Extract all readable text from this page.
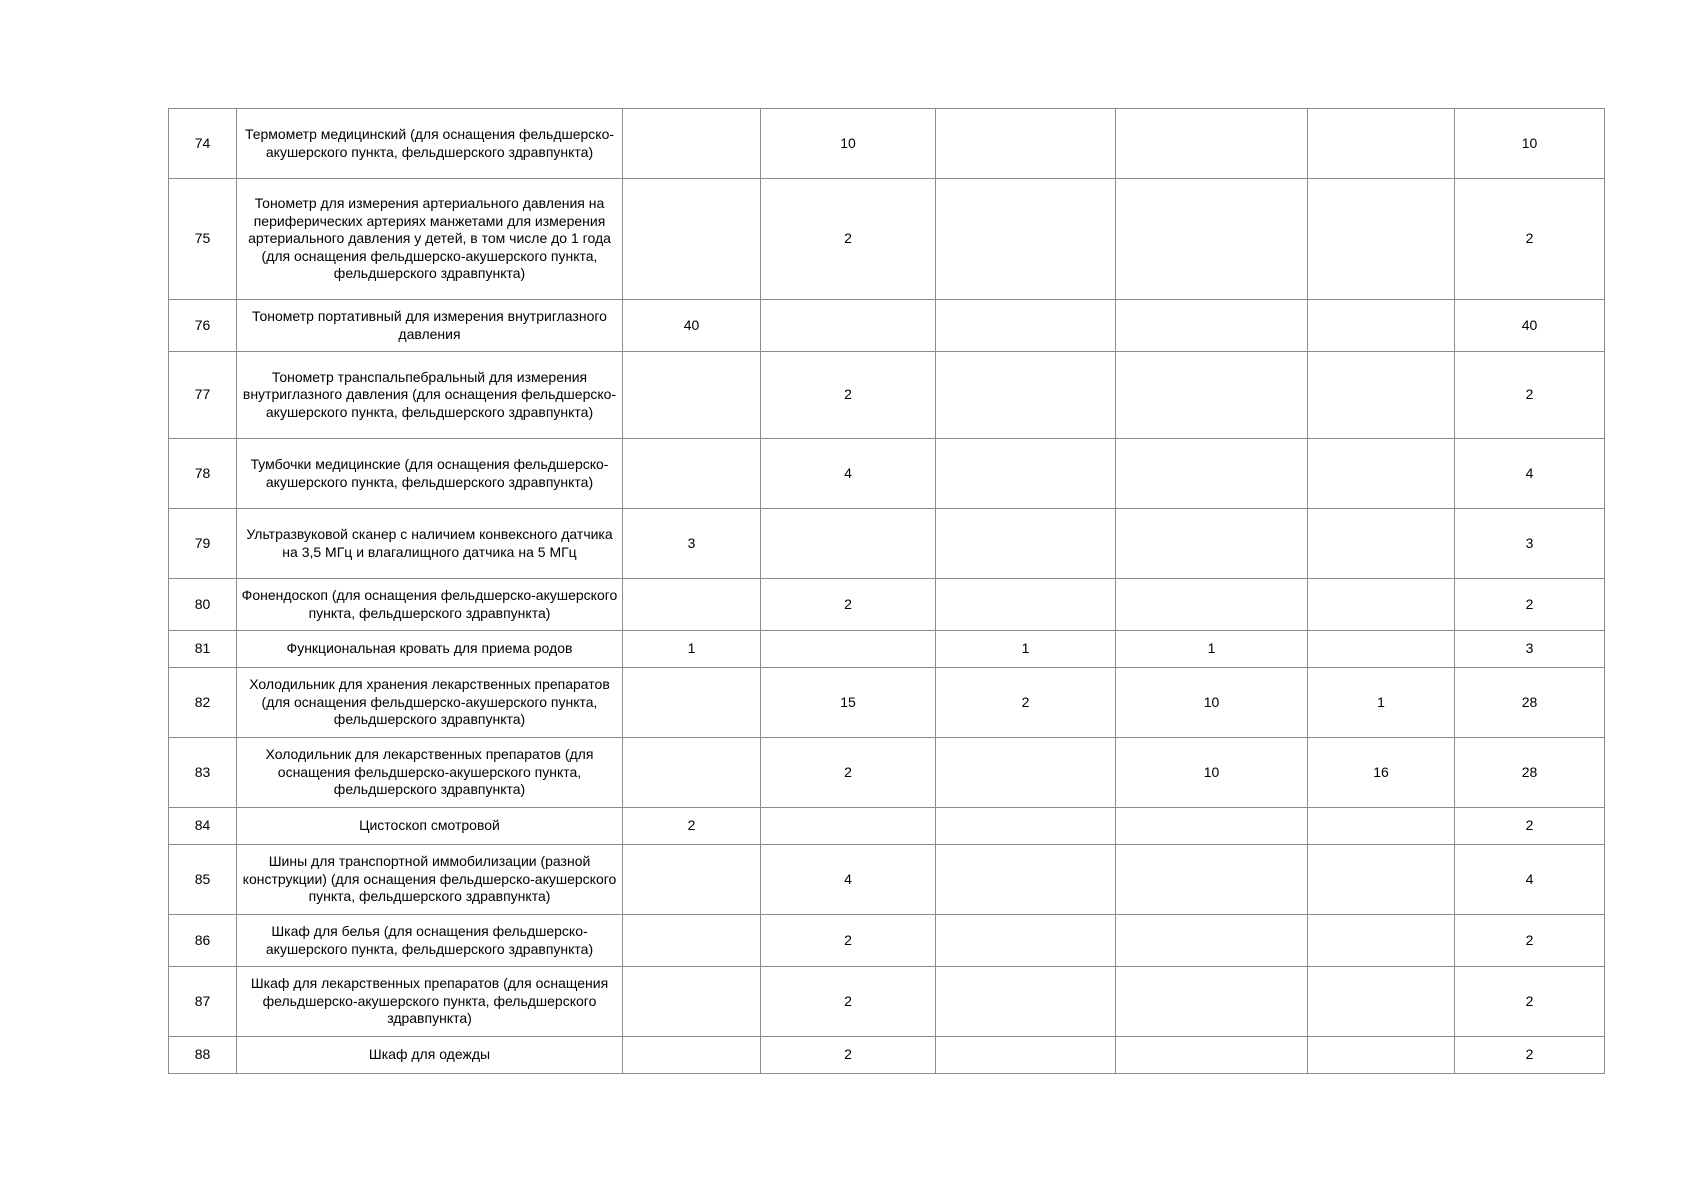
74	Термометр медицинский (для оснащения фельдшерско-акушерского пункта, фельдшерского здравпункта)		10				10
75	Тонометр для измерения артериального давления на периферических артериях манжетами для измерения артериального давления у детей, в том числе до 1 года (для оснащения фельдшерско-акушерского пункта, фельдшерского здравпункта)		2				2
76	Тонометр портативный для измерения внутриглазного давления	40					40
77	Тонометр транспальпебральный для измерения внутриглазного давления (для оснащения фельдшерско-акушерского пункта, фельдшерского здравпункта)		2				2
78	Тумбочки медицинские (для оснащения фельдшерско-акушерского пункта, фельдшерского здравпункта)		4				4
79	Ультразвуковой сканер с наличием конвексного датчика на 3,5 МГц и влагалищного датчика на 5 МГц	3					3
80	Фонендоскоп (для оснащения фельдшерско-акушерского пункта, фельдшерского здравпункта)		2				2
81	Функциональная кровать для приема родов	1		1	1		3
82	Холодильник для хранения лекарственных препаратов (для оснащения фельдшерско-акушерского пункта, фельдшерского здравпункта)		15	2	10	1	28
83	Холодильник для лекарственных препаратов (для оснащения фельдшерско-акушерского пункта, фельдшерского здравпункта)		2		10	16	28
84	Цистоскоп смотровой	2					2
85	Шины для транспортной иммобилизации (разной конструкции) (для оснащения фельдшерско-акушерского пункта, фельдшерского здравпункта)		4				4
86	Шкаф для белья (для оснащения фельдшерско-акушерского пункта, фельдшерского здравпункта)		2				2
87	Шкаф для лекарственных препаратов (для оснащения фельдшерско-акушерского пункта, фельдшерского здравпункта)		2				2
88	Шкаф для одежды		2				2
